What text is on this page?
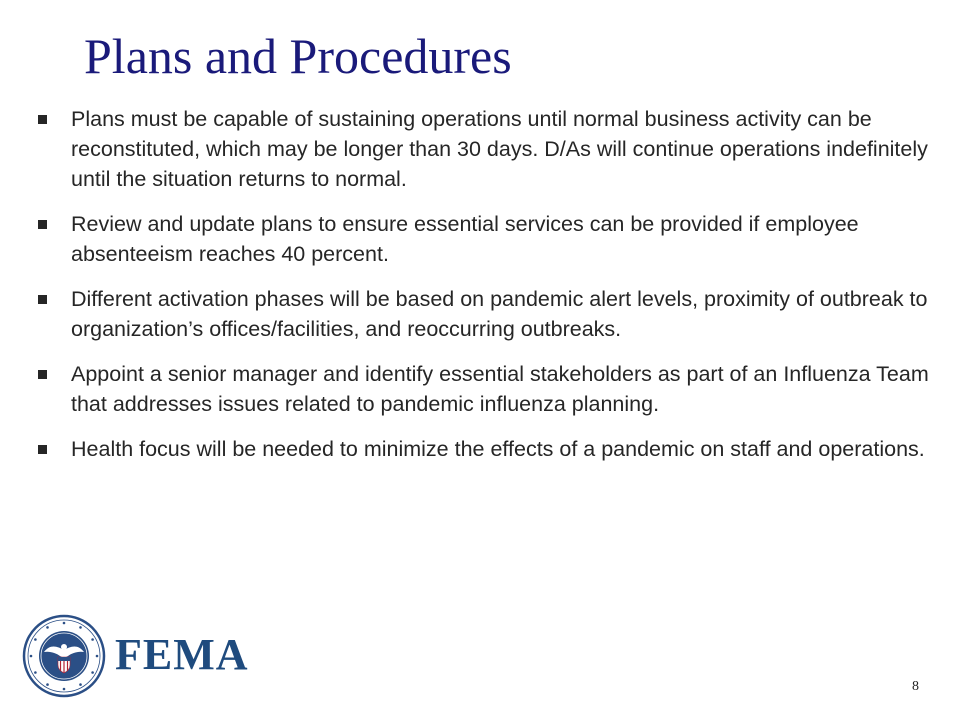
Plans and Procedures
Plans must be capable of sustaining operations until normal business activity can be reconstituted, which may be longer than 30 days. D/As will continue operations indefinitely until the situation returns to normal.
Review and update plans to ensure essential services can be provided if employee absenteeism reaches 40 percent.
Different activation phases will be based on pandemic alert levels, proximity of outbreak to organization’s offices/facilities, and reoccurring outbreaks.
Appoint a senior manager and identify essential stakeholders as part of an Influenza Team that addresses issues related to pandemic influenza planning.
Health focus will be needed to minimize the effects of a pandemic on staff and operations.
FEMA
8
